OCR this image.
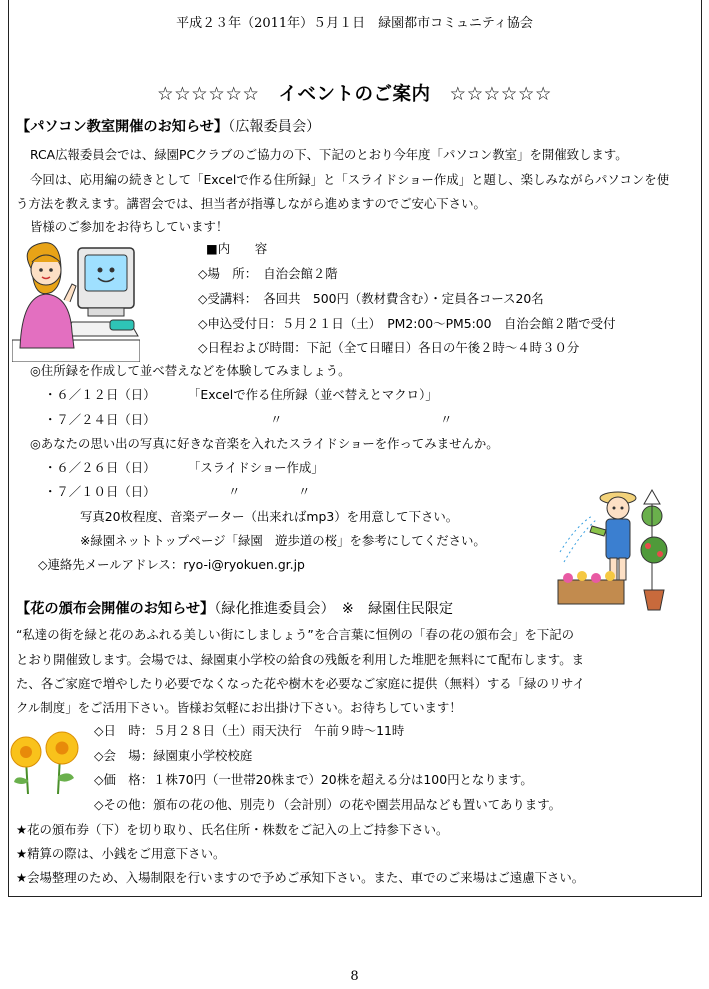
平成２３年（2011年）５月１日　緑園都市コミュニティ協会
☆☆☆☆☆☆　イベントのご案内　☆☆☆☆☆☆
【パソコン教室開催のお知らせ】（広報委員会）
RCA広報委員会では、緑園PCクラブのご協力の下、下記のとおり今年度「パソコン教室」を開催致します。
今回は、応用編の続きとして「Excelで作る住所録」と「スライドショー作成」と題し、楽しみながらパソコンを使
う方法を教えます。講習会では、担当者が指導しながら進めますのでご安心下さい。
皆様のご参加をお待ちしています！
■内　　容
◇場　所：　自治会館２階
◇受講料：　各回共　500円（教材費含む）・定員各コース20名
◇申込受付日：５月２１日（土）　PM2:00〜PM5:00　自治会館２階で受付
◇日程および時間：下記（全て日曜日）各日の午後２時〜４時３０分
◎住所録を作成して並べ替えなどを体験してみましょう。
・６／１２日（日）	「Excelで作る住所録（並べ替えとマクロ）」
・７／２４日（日）	〃	〃
◎あなたの思い出の写真に好きな音楽を入れたスライドショーを作ってみませんか。
・６／２６日（日）	「スライドショー作成」
・７／１０日（日）	〃	〃
写真20枚程度、音楽データー（出来ればmp3）を用意して下さい。
※緑園ネットトップページ「緑園　遊歩道の桜」を参考にしてください。
◇連絡先メールアドレス：ryo-i@ryokuen.gr.jp
【花の頒布会開催のお知らせ】（緑化推進委員会）　※　緑園住民限定
“私達の街を緑と花のあふれる美しい街にしましょう”を合言葉に恒例の「春の花の頒布会」を下記の
とおり開催致します。会場では、緑園東小学校の給食の残飯を利用した堆肥を無料にて配布します。ま
た、各ご家庭で増やしたり必要でなくなった花や樹木を必要なご家庭に提供（無料）する「緑のリサイ
クル制度」をご活用下さい。皆様お気軽にお出掛け下さい。お待ちしています！
◇日　時：５月２８日（土）雨天決行　午前９時〜11時
◇会　場：緑園東小学校校庭
◇価　格：１株70円（一世帯20株まで）20株を超える分は100円となります。
◇その他：頒布の花の他、別売り（会計別）の花や園芸用品なども置いてあります。
★花の頒布券（下）を切り取り、氏名住所・株数をご記入の上ご持参下さい。
★精算の際は、小銭をご用意下さい。
★会場整理のため、入場制限を行いますので予めご承知下さい。また、車でのご来場はご遠慮下さい。
8
